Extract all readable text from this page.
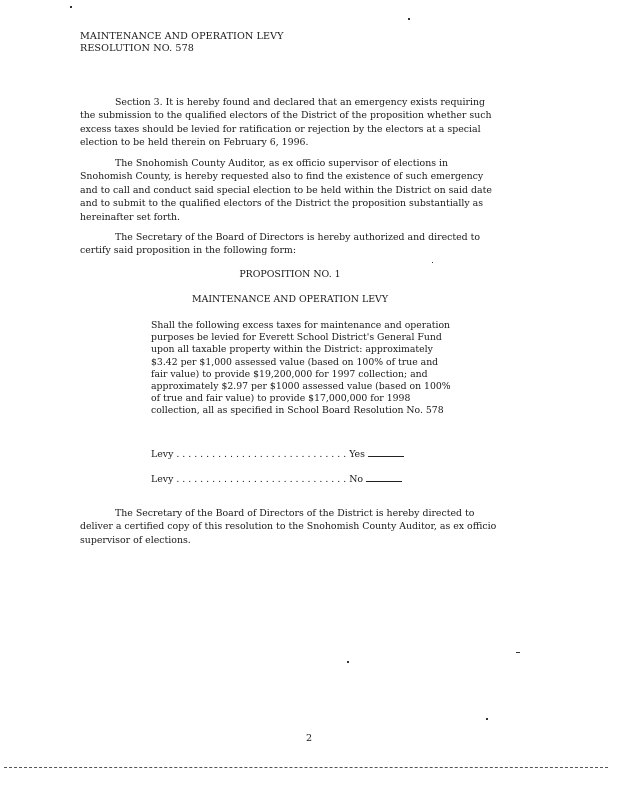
MAINTENANCE AND OPERATION LEVY
RESOLUTION NO. 578

Section 3. It is hereby found and declared that an emergency exists requiring the submission to the qualified electors of the District of the proposition whether such excess taxes should be levied for ratification or rejection by the electors at a special election to be held therein on February 6, 1996.

The Snohomish County Auditor, as ex officio supervisor of elections in Snohomish County, is hereby requested also to find the existence of such emergency and to call and conduct said special election to be held within the District on said date and to submit to the qualified electors of the District the proposition substantially as hereinafter set forth.

The Secretary of the Board of Directors is hereby authorized and directed to certify said proposition in the following form:

PROPOSITION NO. 1
MAINTENANCE AND OPERATION LEVY

Shall the following excess taxes for maintenance and operation purposes be levied for Everett School District's General Fund upon all taxable property within the District: approximately $3.42 per $1,000 assessed value (based on 100% of true and fair value) to provide $19,200,000 for 1997 collection; and approximately $2.97 per $1000 assessed value (based on 100% of true and fair value) to provide $17,000,000 for 1998 collection, all as specified in School Board Resolution No. 578

Levy . . . . . . . . . . . . . . . . . . . . . . . . . . . . . Yes
Levy . . . . . . . . . . . . . . . . . . . . . . . . . . . . . No

The Secretary of the Board of Directors of the District is hereby directed to deliver a certified copy of this resolution to the Snohomish County Auditor, as ex officio supervisor of elections.

2
